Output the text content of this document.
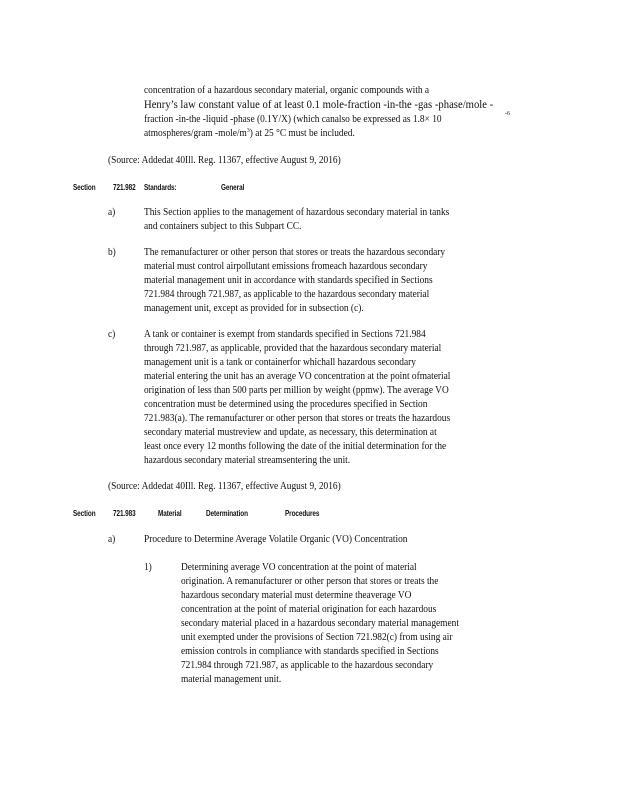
concentration of a hazardous secondary material, organic compounds with a
Henry’s law constant value of at least 0.1 mole-fraction -in-the -gas -phase/mole -
fraction -in-the -liquid -phase (0.1Y/X) (which canalso be expressed as 1.8× 10
-6
atmospheres/gram $-mole/m^3$) at 25 °C must be included.
(Source: Addedat 40Ill. Reg. 11367, effective August 9, 2016)
Section 721.982 Standards:	General
a)	This Section applies to the management of hazardous secondary material in tanks
and containers subject to this Subpart CC.
b)	The remanufacturer or other person that stores or treats the hazardous secondary
material must control airpollutant emissions fromeach hazardous secondary
material management unit in accordance with standards specified in Sections
721.984 through 721.987, as applicable to the hazardous secondary material
management unit, except as provided for in subsection (c).
c)	A tank or container is exempt from standards specified in Sections 721.984
through 721.987, as applicable, provided that the hazardous secondary material
management unit is a tank or containerfor whichall hazardous secondary
material entering the unit has an average VO concentration at the point ofmaterial
origination of less than 500 parts per million by weight (ppmw). The average VO
concentration must be determined using the procedures specified in Section
721.983(a). The remanufacturer or other person that stores or treats the hazardous
secondary material mustreview and update, as necessary, this determination at
least once every 12 months following the date of the initial determination for the
hazardous secondary material streamsentering the unit.
(Source: Addedat 40Ill. Reg. 11367, effective August 9, 2016)
Section 721.983	Material	Determination	Procedures
a)	Procedure to Determine Average Volatile Organic (VO) Concentration
1)	Determining average VO concentration at the point of material
origination. A remanufacturer or other person that stores or treats the
hazardous secondary material must determine theaverage VO
concentration at the point of material origination for each hazardous
secondary material placed in a hazardous secondary material management
unit exempted under the provisions of Section 721.982(c) from using air
emission controls in compliance with standards specified in Sections
721.984 through 721.987, as applicable to the hazardous secondary
material management unit.
